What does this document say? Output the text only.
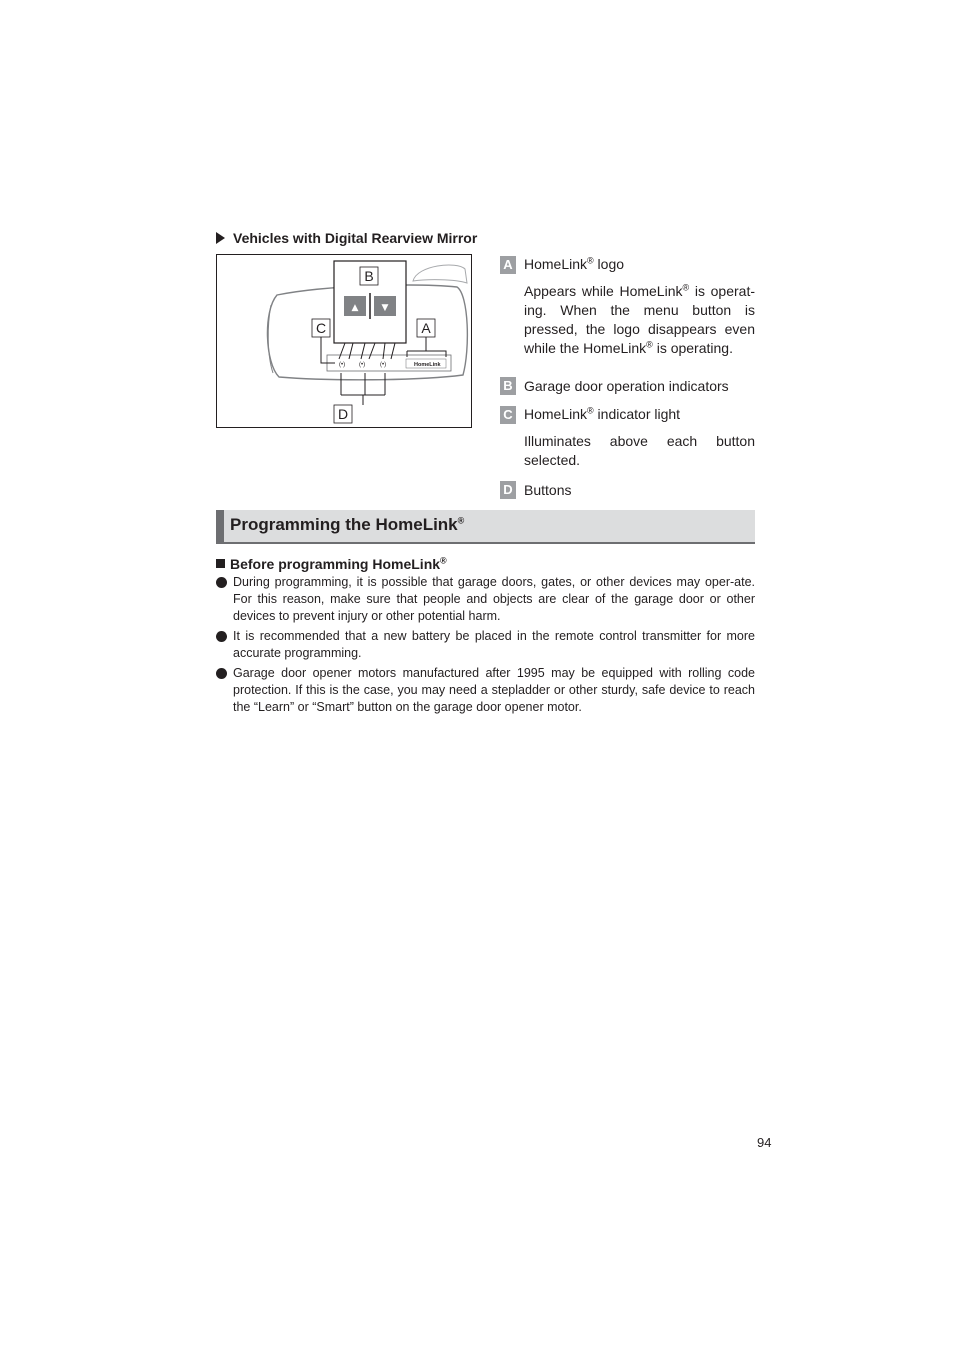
Vehicles with Digital Rearview Mirror
(•) (•) (•)	HomeLink
▲	▼
B
C	A
D
A HomeLink® logo
Appears while HomeLink® is operat-ing. When the menu button is pressed, the logo disappears even while the HomeLink® is operating.
B Garage door operation indicators
C HomeLink® indicator light
Illuminates above each button selected.
D Buttons
Programming the HomeLink®
Before programming HomeLink®
During programming, it is possible that garage doors, gates, or other devices may oper-ate. For this reason, make sure that people and objects are clear of the garage door or other devices to prevent injury or other potential harm.
It is recommended that a new battery be placed in the remote control transmitter for more accurate programming.
Garage door opener motors manufactured after 1995 may be equipped with rolling code protection. If this is the case, you may need a stepladder or other sturdy, safe device to reach the “Learn” or “Smart” button on the garage door opener motor.
94
